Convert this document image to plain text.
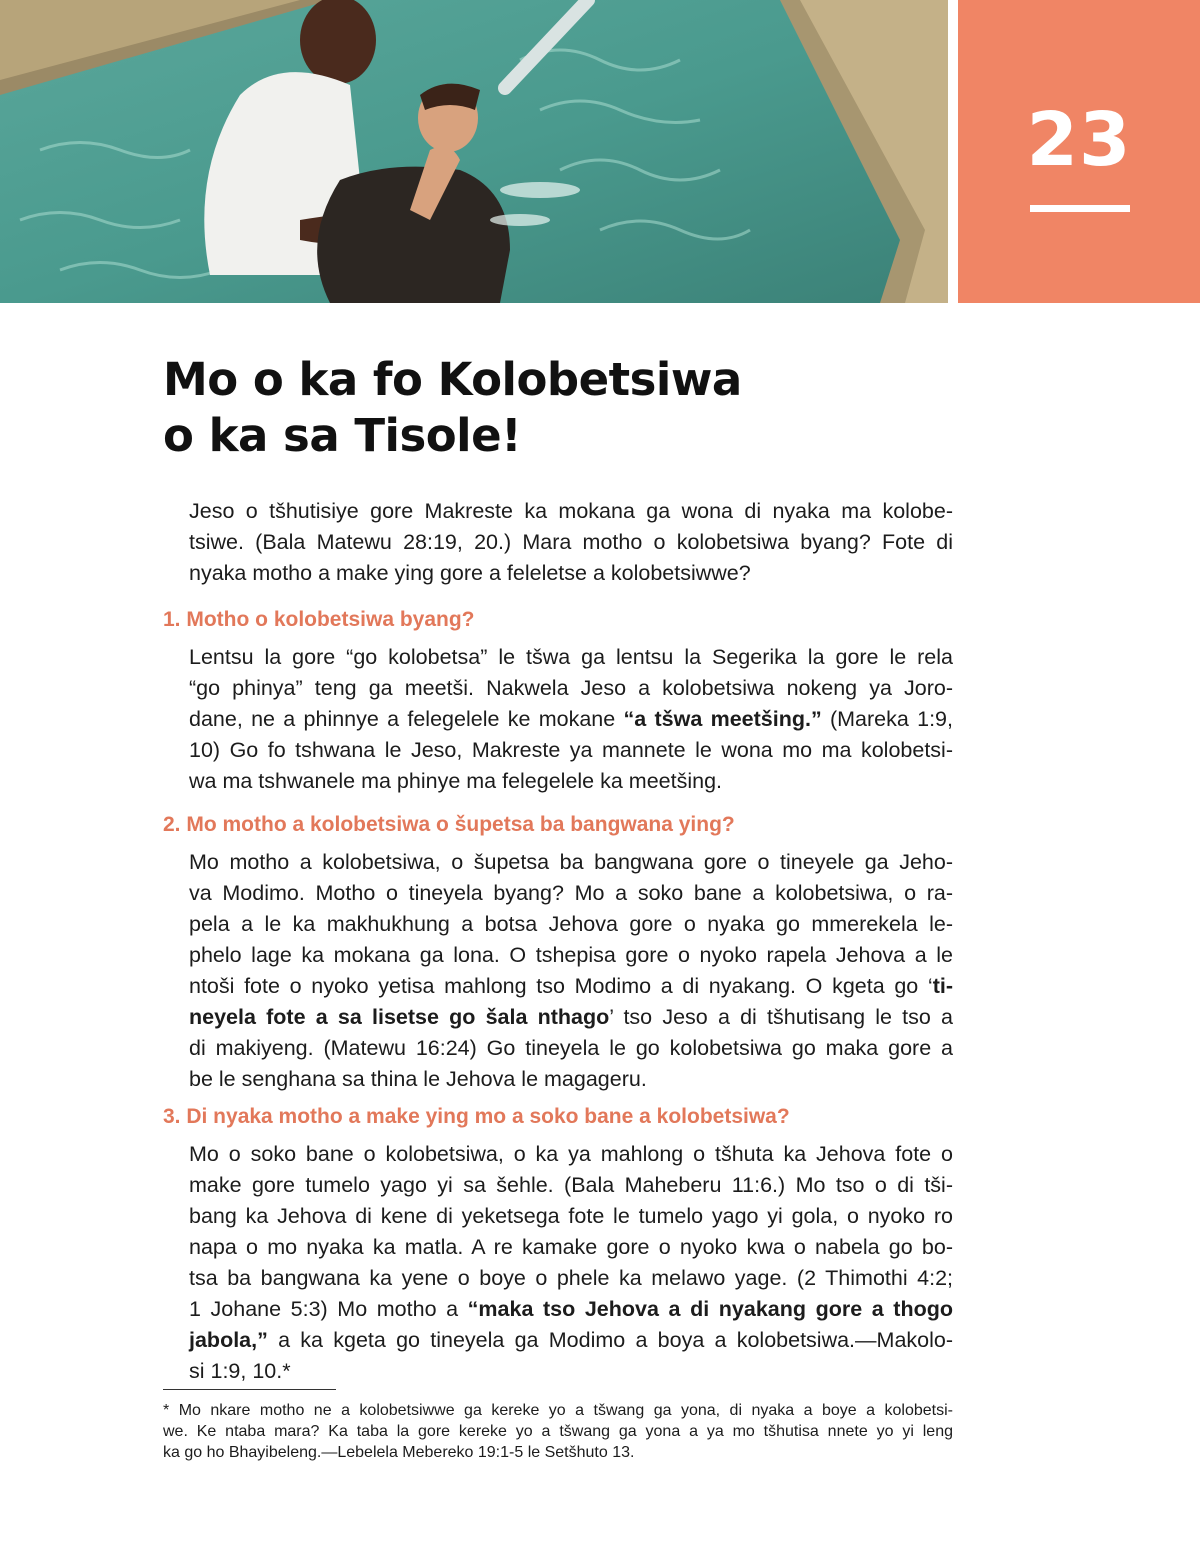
23
Mo o ka fo Kolobetsiwa
o ka sa Tisole!

Jeso o tšhutisiye gore Makreste ka mokana ga wona di nyaka ma kolobe-
tsiwe. (Bala Matewu 28:19, 20.) Mara motho o kolobetsiwa byang? Fote di
nyaka motho a make ying gore a feleletse a kolobetsiwwe?

1. Motho o kolobetsiwa byang?

Lentsu la gore “go kolobetsa” le tšwa ga lentsu la Segerika la gore le rela
“go phinya” teng ga meetši. Nakwela Jeso a kolobetsiwa nokeng ya Joro-
dane, ne a phinnye a felegelele ke mokane “a tšwa meetšing.” (Mareka 1:9,
10) Go fo tshwana le Jeso, Makreste ya mannete le wona mo ma kolobetsi-
wa ma tshwanele ma phinye ma felegelele ka meetšing.

2. Mo motho a kolobetsiwa o šupetsa ba bangwana ying?

Mo motho a kolobetsiwa, o šupetsa ba bangwana gore o tineyele ga Jeho-
va Modimo. Motho o tineyela byang? Mo a soko bane a kolobetsiwa, o ra-
pela a le ka makhukhung a botsa Jehova gore o nyaka go mmerekela le-
phelo lage ka mokana ga lona. O tshepisa gore o nyoko rapela Jehova a le
ntoši fote o nyoko yetisa mahlong tso Modimo a di nyakang. O kgeta go ‘ti-
neyela fote a sa lisetse go šala nthago’ tso Jeso a di tšhutisang le tso a
di makiyeng. (Matewu 16:24) Go tineyela le go kolobetsiwa go maka gore a
be le senghana sa thina le Jehova le magageru.

3. Di nyaka motho a make ying mo a soko bane a kolobetsiwa?

Mo o soko bane o kolobetsiwa, o ka ya mahlong o tšhuta ka Jehova fote o
make gore tumelo yago yi sa šehle. (Bala Maheberu 11:6.) Mo tso o di tši-
bang ka Jehova di kene di yeketsega fote le tumelo yago yi gola, o nyoko ro
napa o mo nyaka ka matla. A re kamake gore o nyoko kwa o nabela go bo-
tsa ba bangwana ka yene o boye o phele ka melawo yage. (2 Thimothi 4:2;
1 Johane 5:3) Mo motho a “maka tso Jehova a di nyakang gore a thogo
jabola,” a ka kgeta go tineyela ga Modimo a boya a kolobetsiwa.—Makolo-
si 1:9, 10.*

* Mo nkare motho ne a kolobetsiwwe ga kereke yo a tšwang ga yona, di nyaka a boye a kolobetsi-
we. Ke ntaba mara? Ka taba la gore kereke yo a tšwang ga yona a ya mo tšhutisa nnete yo yi leng
ka go ho Bhayibeleng.—Lebelela Mebereko 19:1-5 le Setšhuto 13.
